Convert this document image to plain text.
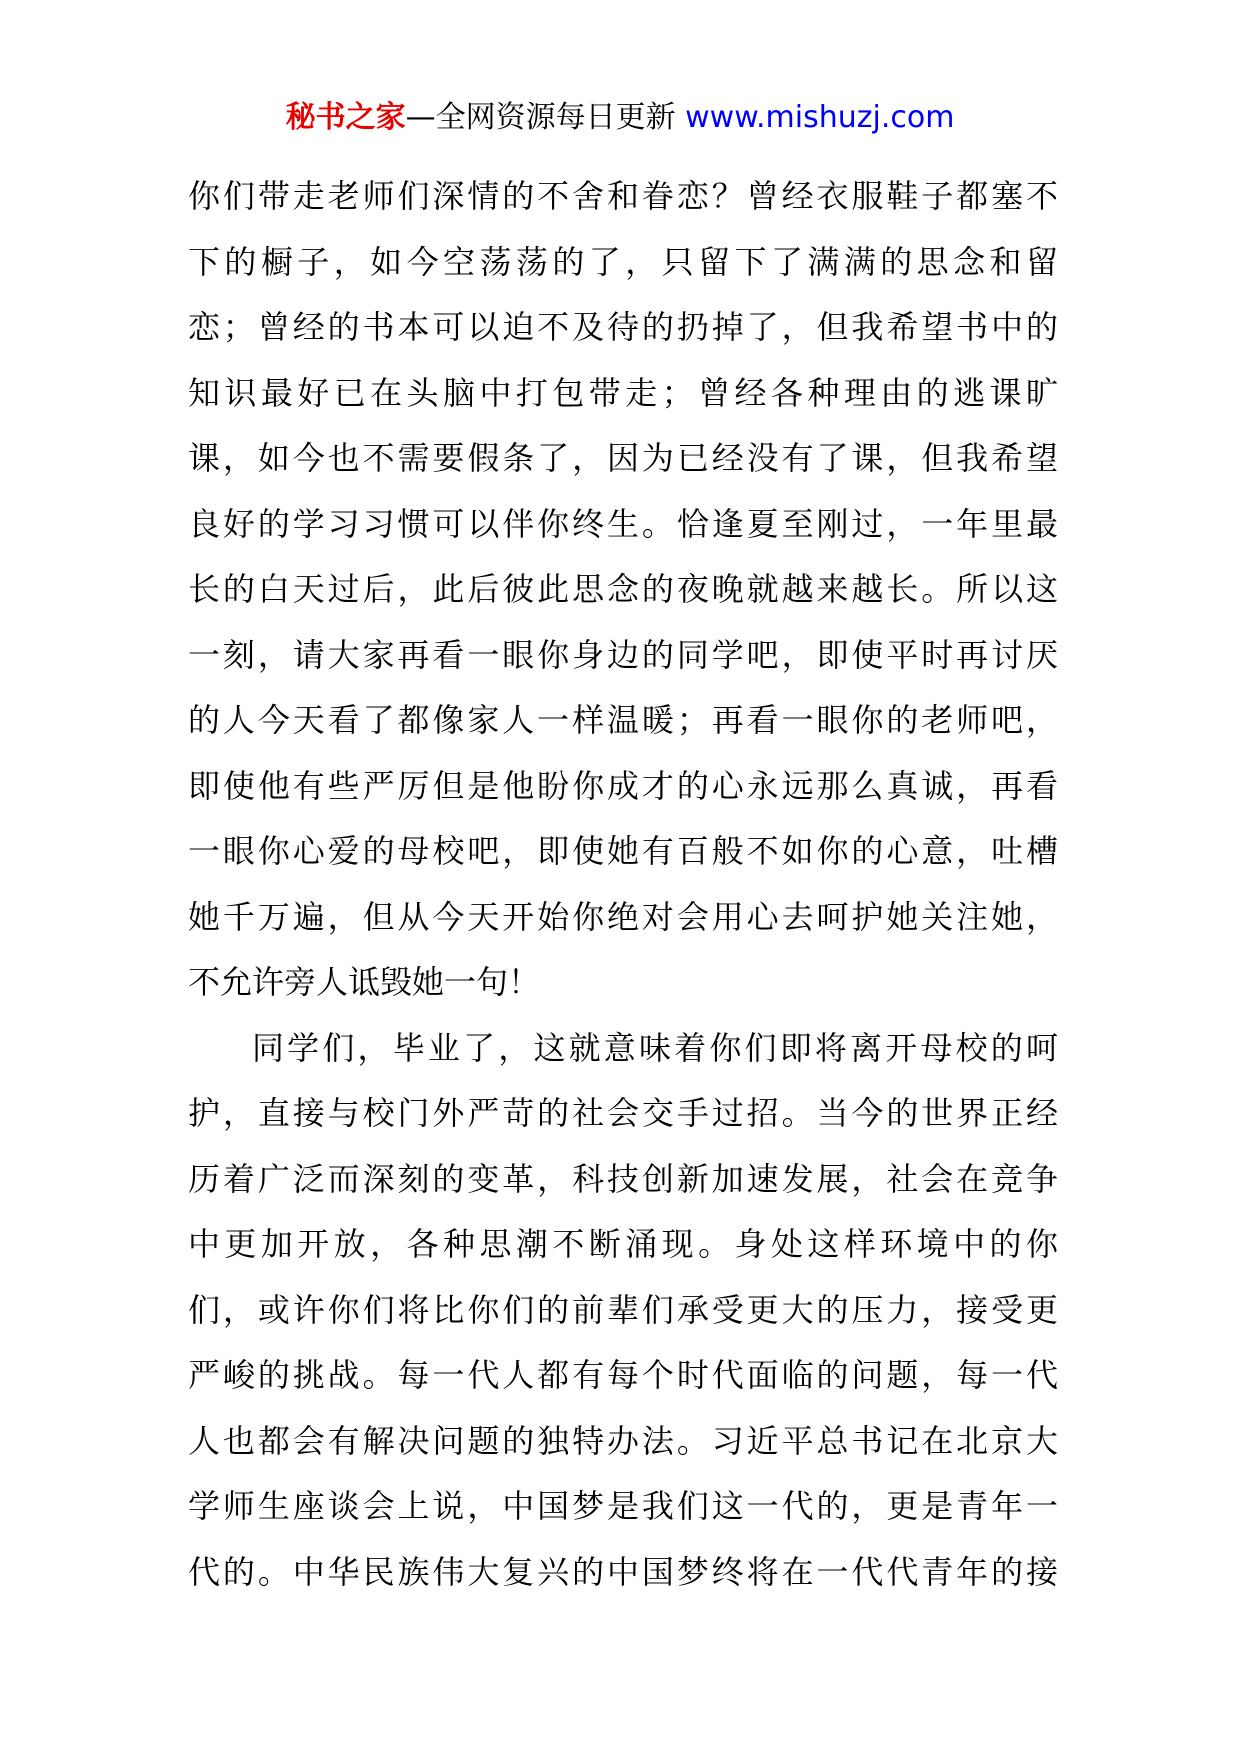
秘书之家—全网资源每日更新 www.mishuzj.com
你们带走老师们深情的不舍和眷恋？曾经衣服鞋子都塞不
下的橱子，如今空荡荡的了，只留下了满满的思念和留
恋；曾经的书本可以迫不及待的扔掉了，但我希望书中的
知识最好已在头脑中打包带走；曾经各种理由的逃课旷
课，如今也不需要假条了，因为已经没有了课，但我希望
良好的学习习惯可以伴你终生。恰逢夏至刚过，一年里最
长的白天过后，此后彼此思念的夜晚就越来越长。所以这
一刻，请大家再看一眼你身边的同学吧，即使平时再讨厌
的人今天看了都像家人一样温暖；再看一眼你的老师吧，
即使他有些严厉但是他盼你成才的心永远那么真诚，再看
一眼你心爱的母校吧，即使她有百般不如你的心意，吐槽
她千万遍，但从今天开始你绝对会用心去呵护她关注她，
不允许旁人诋毁她一句！
同学们，毕业了，这就意味着你们即将离开母校的呵
护，直接与校门外严苛的社会交手过招。当今的世界正经
历着广泛而深刻的变革，科技创新加速发展，社会在竞争
中更加开放，各种思潮不断涌现。身处这样环境中的你
们，或许你们将比你们的前辈们承受更大的压力，接受更
严峻的挑战。每一代人都有每个时代面临的问题，每一代
人也都会有解决问题的独特办法。习近平总书记在北京大
学师生座谈会上说，中国梦是我们这一代的，更是青年一
代的。中华民族伟大复兴的中国梦终将在一代代青年的接
